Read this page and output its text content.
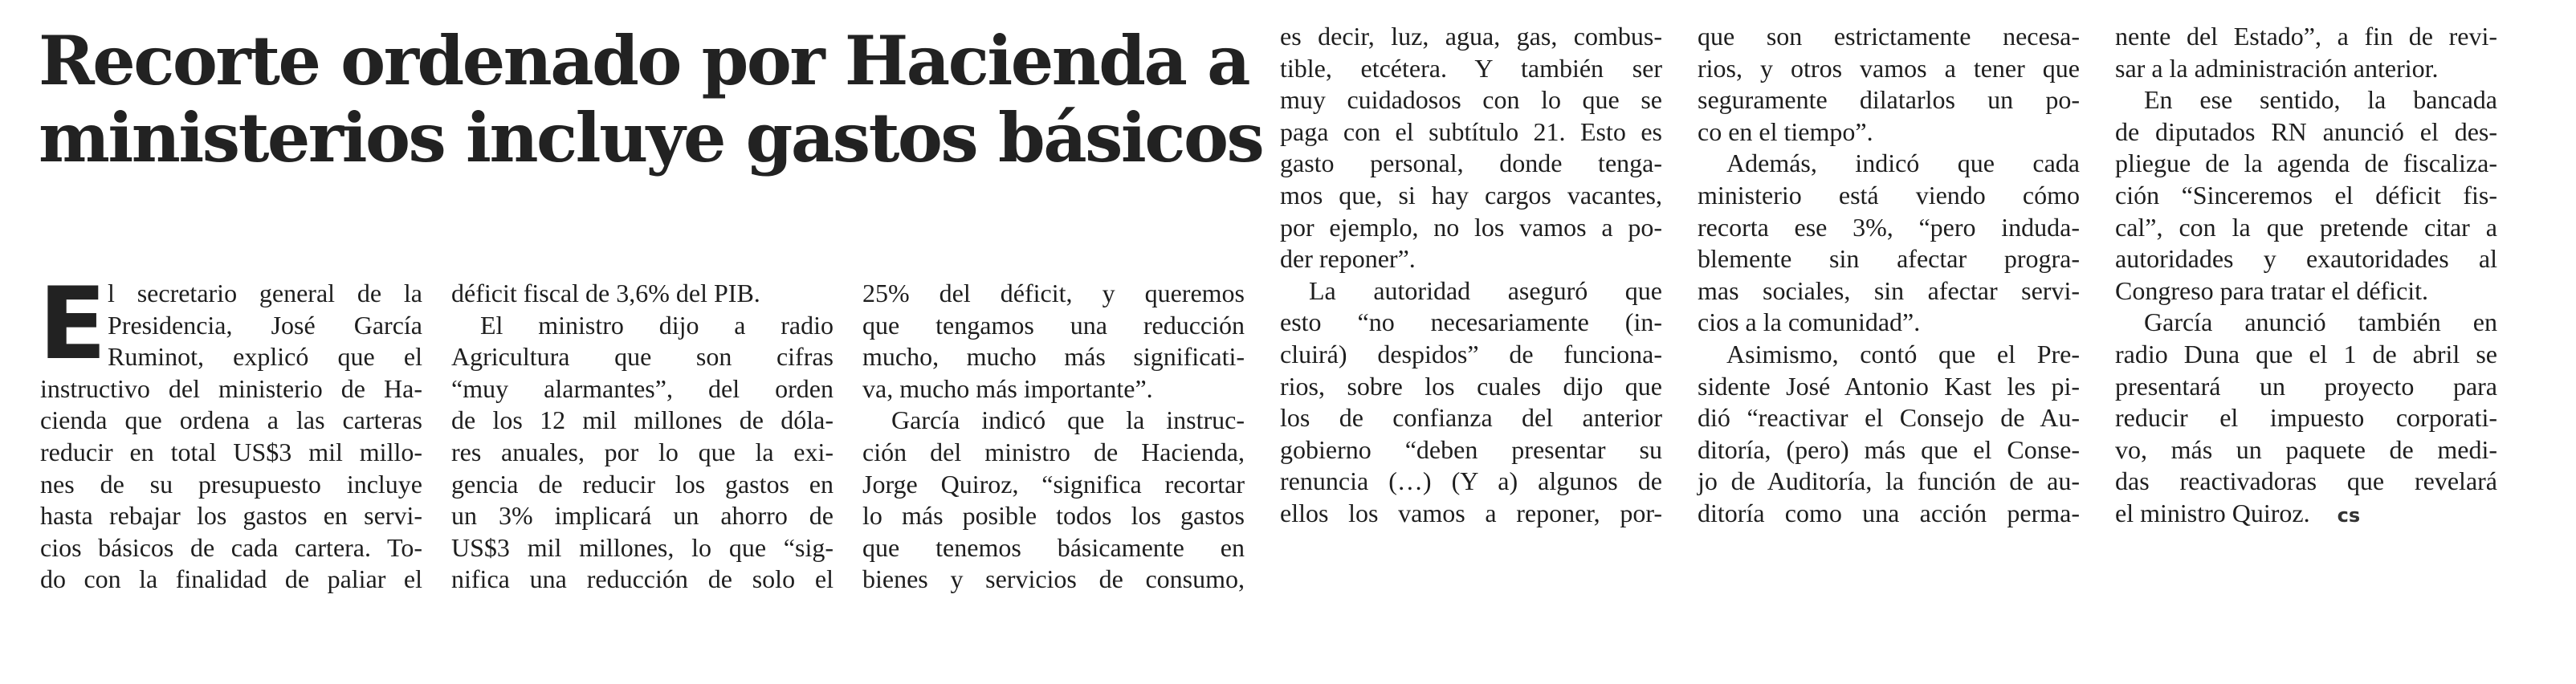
Recorte ordenado por Hacienda a
ministerios incluye gastos básicos
E l secretario general de la
Presidencia, José García
Ruminot, explicó que el
instructivo del ministerio de Ha-
cienda que ordena a las carteras
reducir en total US$3 mil millo-
nes de su presupuesto incluye
hasta rebajar los gastos en servi-
cios básicos de cada cartera. To-
do con la finalidad de paliar el
déficit fiscal de 3,6% del PIB.
El ministro dijo a radio
Agricultura que son cifras
“muy alarmantes”, del orden
de los 12 mil millones de dóla-
res anuales, por lo que la exi-
gencia de reducir los gastos en
un 3% implicará un ahorro de
US$3 mil millones, lo que “sig-
nifica una reducción de solo el
25% del déficit, y queremos
que tengamos una reducción
mucho, mucho más significati-
va, mucho más importante”.
García indicó que la instruc-
ción del ministro de Hacienda,
Jorge Quiroz, “significa recortar
lo más posible todos los gastos
que tenemos básicamente en
bienes y servicios de consumo,
es decir, luz, agua, gas, combus-
tible, etcétera. Y también ser
muy cuidadosos con lo que se
paga con el subtítulo 21. Esto es
gasto personal, donde tenga-
mos que, si hay cargos vacantes,
por ejemplo, no los vamos a po-
der reponer”.
La autoridad aseguró que
esto “no necesariamente (in-
cluirá) despidos” de funciona-
rios, sobre los cuales dijo que
los de confianza del anterior
gobierno “deben presentar su
renuncia (…) (Y a) algunos de
ellos los vamos a reponer, por-
que son estrictamente necesa-
rios, y otros vamos a tener que
seguramente dilatarlos un po-
co en el tiempo”.
Además, indicó que cada
ministerio está viendo cómo
recorta ese 3%, “pero induda-
blemente sin afectar progra-
mas sociales, sin afectar servi-
cios a la comunidad”.
Asimismo, contó que el Pre-
sidente José Antonio Kast les pi-
dió “reactivar el Consejo de Au-
ditoría, (pero) más que el Conse-
jo de Auditoría, la función de au-
ditoría como una acción perma-
nente del Estado”, a fin de revi-
sar a la administración anterior.
En ese sentido, la bancada
de diputados RN anunció el des-
pliegue de la agenda de fiscaliza-
ción “Sinceremos el déficit fis-
cal”, con la que pretende citar a
autoridades y exautoridades al
Congreso para tratar el déficit.
García anunció también en
radio Duna que el 1 de abril se
presentará un proyecto para
reducir el impuesto corporati-
vo, más un paquete de medi-
das reactivadoras que revelará
el ministro Quiroz. cs
